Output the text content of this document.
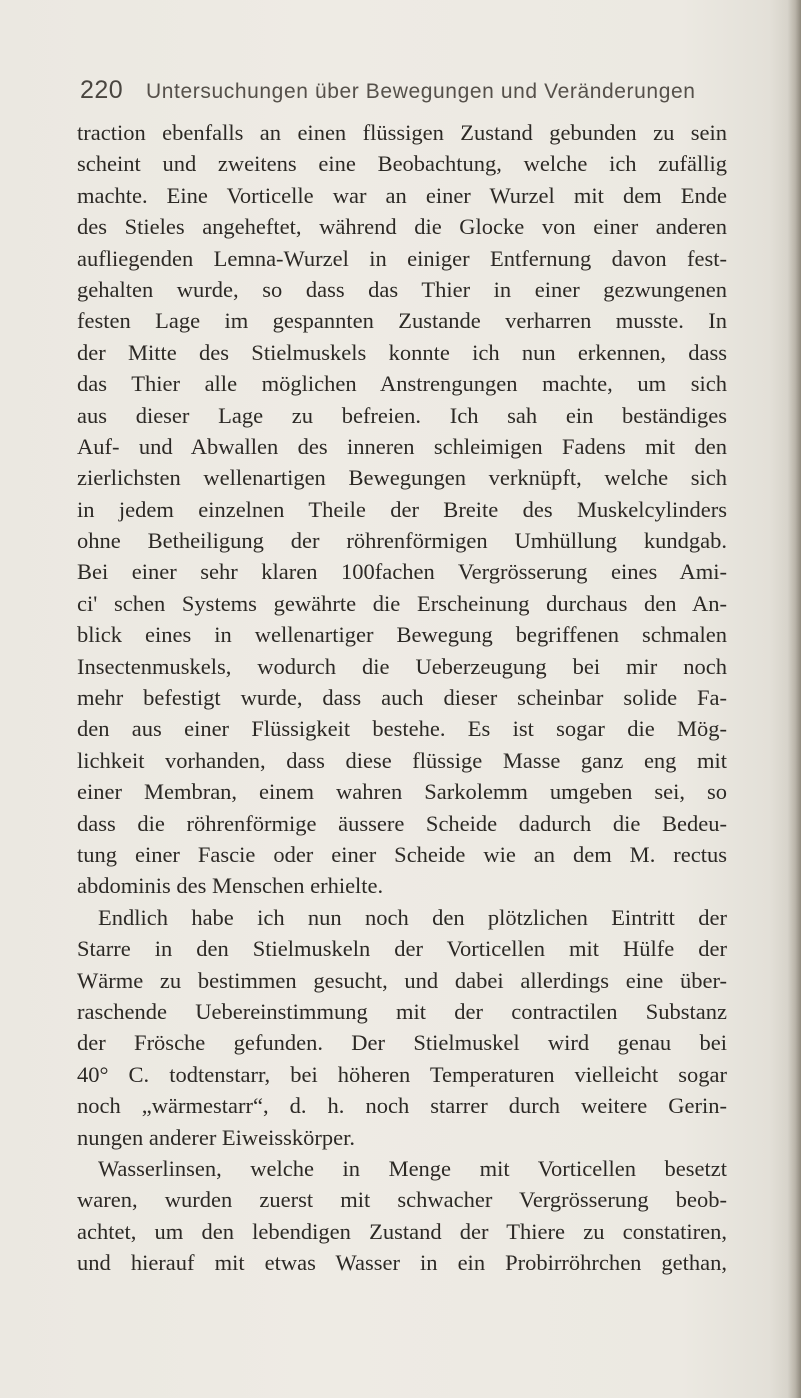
220 Untersuchungen über Bewegungen und Veränderungen
traction ebenfalls an einen flüssigen Zustand gebunden zu sein
scheint und zweitens eine Beobachtung, welche ich zufällig
machte. Eine Vorticelle war an einer Wurzel mit dem Ende
des Stieles angeheftet, während die Glocke von einer anderen
aufliegenden Lemna-Wurzel in einiger Entfernung davon fest-
gehalten wurde, so dass das Thier in einer gezwungenen
festen Lage im gespannten Zustande verharren musste. In
der Mitte des Stielmuskels konnte ich nun erkennen, dass
das Thier alle möglichen Anstrengungen machte, um sich
aus dieser Lage zu befreien. Ich sah ein beständiges
Auf- und Abwallen des inneren schleimigen Fadens mit den
zierlichsten wellenartigen Bewegungen verknüpft, welche sich
in jedem einzelnen Theile der Breite des Muskelcylinders
ohne Betheiligung der röhrenförmigen Umhüllung kundgab.
Bei einer sehr klaren 100fachen Vergrösserung eines Ami-
ci' schen Systems gewährte die Erscheinung durchaus den An-
blick eines in wellenartiger Bewegung begriffenen schmalen
Insectenmuskels, wodurch die Ueberzeugung bei mir noch
mehr befestigt wurde, dass auch dieser scheinbar solide Fa-
den aus einer Flüssigkeit bestehe. Es ist sogar die Mög-
lichkeit vorhanden, dass diese flüssige Masse ganz eng mit
einer Membran, einem wahren Sarkolemm umgeben sei, so
dass die röhrenförmige äussere Scheide dadurch die Bedeu-
tung einer Fascie oder einer Scheide wie an dem M. rectus
abdominis des Menschen erhielte.
Endlich habe ich nun noch den plötzlichen Eintritt der
Starre in den Stielmuskeln der Vorticellen mit Hülfe der
Wärme zu bestimmen gesucht, und dabei allerdings eine über-
raschende Uebereinstimmung mit der contractilen Substanz
der Frösche gefunden. Der Stielmuskel wird genau bei
40° C. todtenstarr, bei höheren Temperaturen vielleicht sogar
noch „wärmestarr“, d. h. noch starrer durch weitere Gerin-
nungen anderer Eiweisskörper.
Wasserlinsen, welche in Menge mit Vorticellen besetzt
waren, wurden zuerst mit schwacher Vergrösserung beob-
achtet, um den lebendigen Zustand der Thiere zu constatiren,
und hierauf mit etwas Wasser in ein Probirröhrchen gethan,
